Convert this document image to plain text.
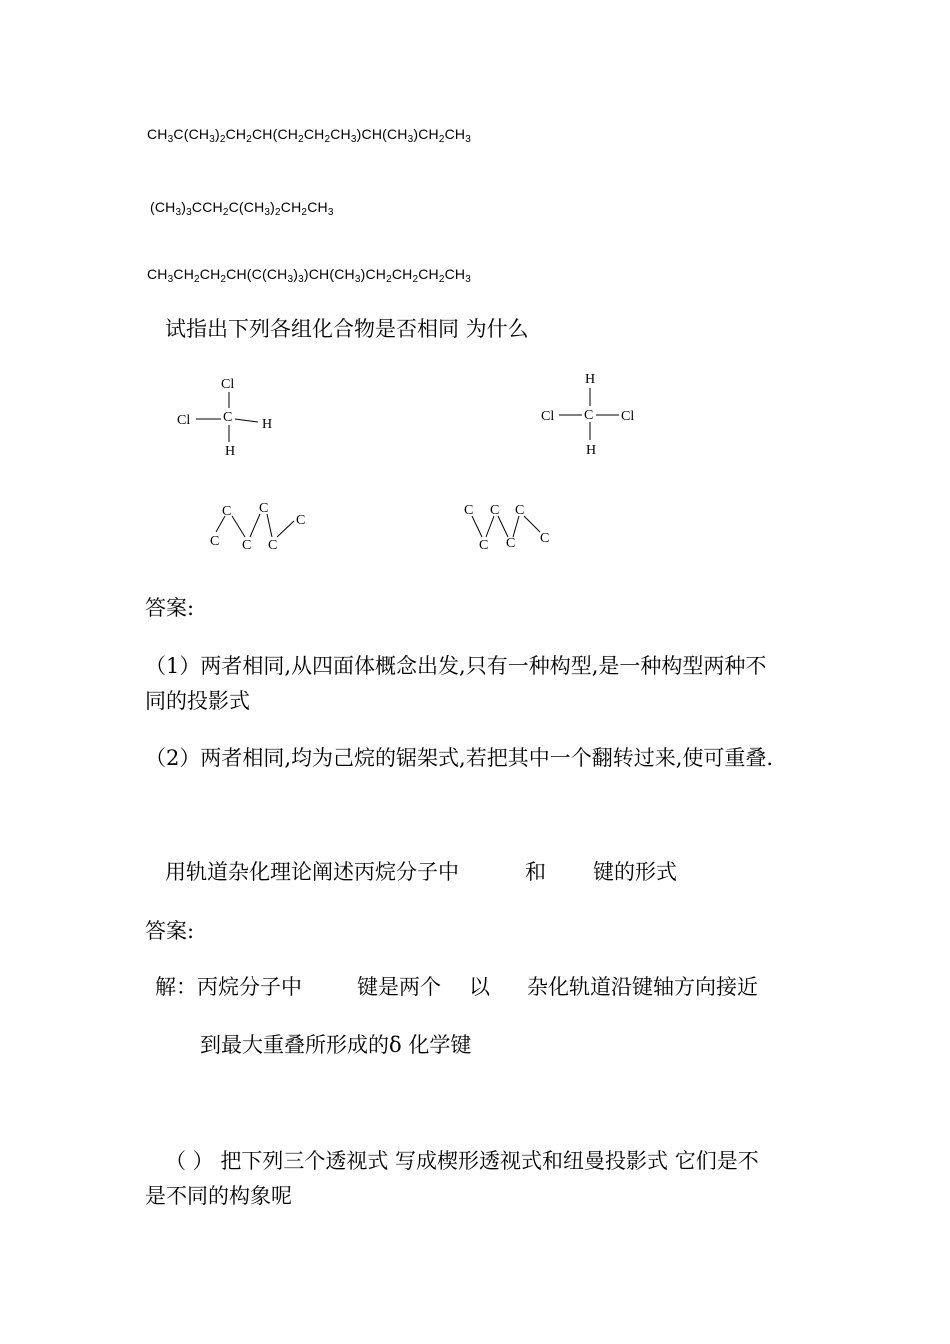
$CH_3C(CH_3)_2CH_2CH(CH_2CH_2CH_3)CH(CH_3)CH_2CH_3$
$(CH_3)_3CCH_2C(CH_3)_2CH_2CH_3$
$CH_3CH_2CH_2CH(C(CH_3)_3)CH(CH_3)CH_2CH_2CH_2CH_3$
试指出下列各组化合物是否相同 为什么
Cl
Cl C H
H
H
Cl C Cl
H
C
C
C
C
C
C
C
C
C
C
C
C
答案:
（1）两者相同,从四面体概念出发,只有一种构型,是一种构型两种不
同的投影式
（2）两者相同,均为己烷的锯架式,若把其中一个翻转过来,使可重叠.
用轨道杂化理论阐述丙烷分子中	和 键的形式
答案:
解：丙烷分子中	键是两个 以 杂化轨道沿键轴方向接近
到最大重叠所形成的δ 化学键
（ ） 把下列三个透视式 写成楔形透视式和纽曼投影式 它们是不
是不同的构象呢
